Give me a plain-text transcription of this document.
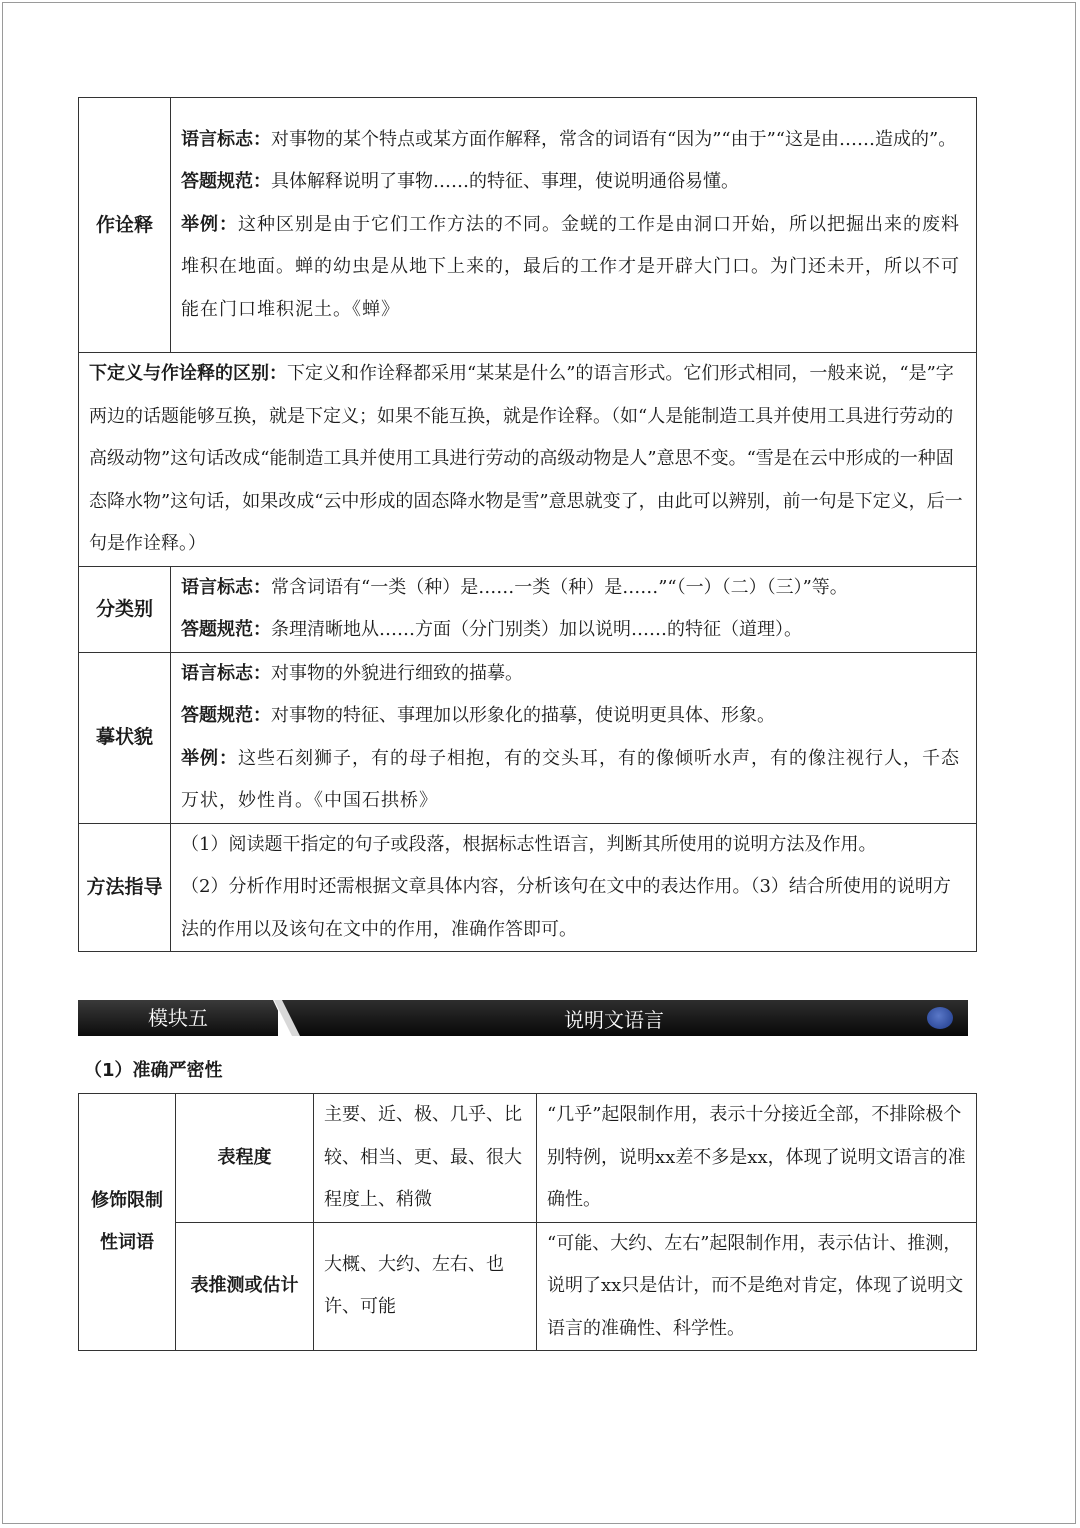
作诠释	语言标志：对事物的某个特点或某方面作解释，常含的词语有“因为”“由于”“这是由……造成的”。
答题规范：具体解释说明了事物……的特征、事理，使说明通俗易懂。
举例：这种区别是由于它们工作方法的不同。金蜣的工作是由洞口开始，所以把掘出来的废料堆积在地面。蝉的幼虫是从地下上来的，最后的工作才是开辟大门口。为门还未开，所以不可能在门口堆积泥土。《蝉》

下定义与作诠释的区别：下定义和作诠释都采用“某某是什么”的语言形式。它们形式相同，一般来说，“是”字两边的话题能够互换，就是下定义；如果不能互换，就是作诠释。（如“人是能制造工具并使用工具进行劳动的高级动物”这句话改成“能制造工具并使用工具进行劳动的高级动物是人”意思不变。“雪是在云中形成的一种固态降水物”这句话，如果改成“云中形成的固态降水物是雪”意思就变了，由此可以辨别，前一句是下定义，后一句是作诠释。）	
分类别	语言标志：常含词语有“一类（种）是……一类（种）是……”“（一）（二）（三）”等。
答题规范：条理清晰地从……方面（分门别类）加以说明……的特征（道理）。

摹状貌	语言标志：对事物的外貌进行细致的描摹。
答题规范：对事物的特征、事理加以形象化的描摹，使说明更具体、形象。
举例：这些石刻狮子，有的母子相抱，有的交头耳，有的像倾听水声，有的像注视行人，千态万状，妙性肖。《中国石拱桥》

方法指导	（1）阅读题干指定的句子或段落，根据标志性语言，判断其所使用的说明方法及作用。
（2）分析作用时还需根据文章具体内容，分析该句在文中的表达作用。（3）结合所使用的说明方法的作用以及该句在文中的作用，准确作答即可。
模块五	说明文语言
（1）准确严密性
修饰限制性词语	表程度	主要、近、极、几乎、比较、相当、更、最、很大程度上、稍微	“几乎”起限制作用，表示十分接近全部，不排除极个别特例，说明xx差不多是xx，体现了说明文语言的准确性。
	表推测或估计	大概、大约、左右、也许、可能	“可能、大约、左右”起限制作用，表示估计、推测，说明了xx只是估计，而不是绝对肯定，体现了说明文语言的准确性、科学性。
